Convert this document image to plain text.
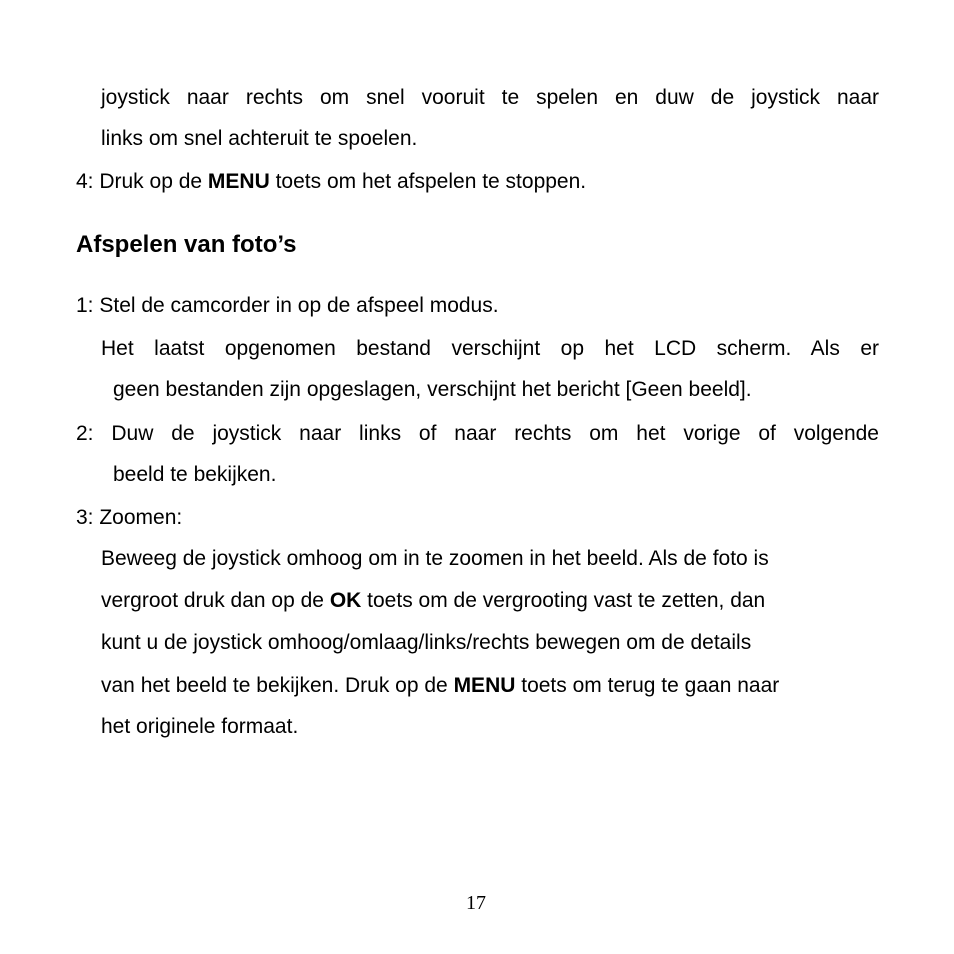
joystick naar rechts om snel vooruit te spelen en duw de joystick naar
links om snel achteruit te spoelen.
4: Druk op de MENU toets om het afspelen te stoppen.
Afspelen van foto’s
1: Stel de camcorder in op de afspeel modus.
Het laatst opgenomen bestand verschijnt op het LCD scherm. Als er
geen bestanden zijn opgeslagen, verschijnt het bericht [Geen beeld].
2: Duw de joystick naar links of naar rechts om het vorige of volgende
beeld te bekijken.
3: Zoomen:
Beweeg de joystick omhoog om in te zoomen in het beeld. Als de foto is
vergroot druk dan op de OK toets om de vergrooting vast te zetten, dan
kunt u de joystick omhoog/omlaag/links/rechts bewegen om de details
van het beeld te bekijken. Druk op de MENU toets om terug te gaan naar
het originele formaat.
17
